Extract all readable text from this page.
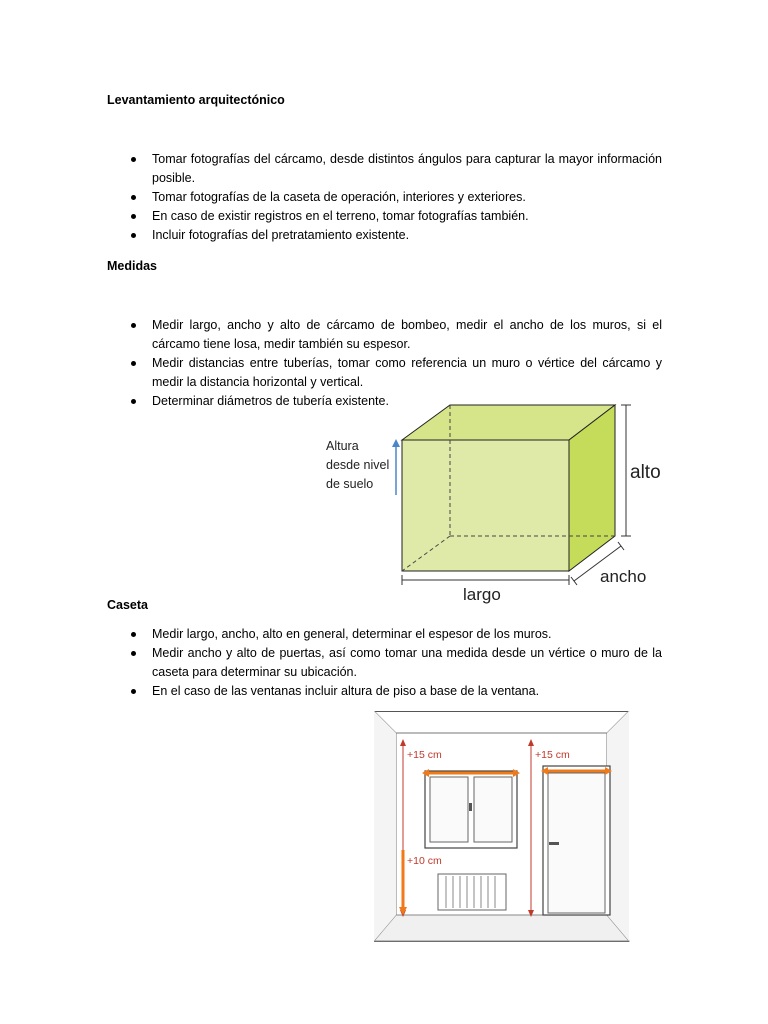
Levantamiento arquitectónico
Tomar fotografías del cárcamo, desde distintos ángulos para capturar la mayor información posible.
Tomar fotografías de la caseta de operación, interiores y exteriores.
En caso de existir registros en el terreno, tomar fotografías también.
Incluir fotografías del pretratamiento existente.
Medidas
Medir largo, ancho y alto de cárcamo de bombeo, medir el ancho de los muros, si el cárcamo tiene losa, medir también su espesor.
Medir distancias entre tuberías, tomar como referencia un muro o vértice del cárcamo y medir la distancia horizontal y vertical.
Determinar diámetros de tubería existente.
alto
ancho
largo
Altura
desde nivel
de suelo
Caseta
Medir largo, ancho, alto en general, determinar el espesor de los muros.
Medir ancho y alto de puertas, así como tomar una medida desde un vértice o muro de la caseta para determinar su ubicación.
En el caso de las ventanas incluir altura de piso a base de la ventana.
+15 cm
+10 cm
+15 cm
